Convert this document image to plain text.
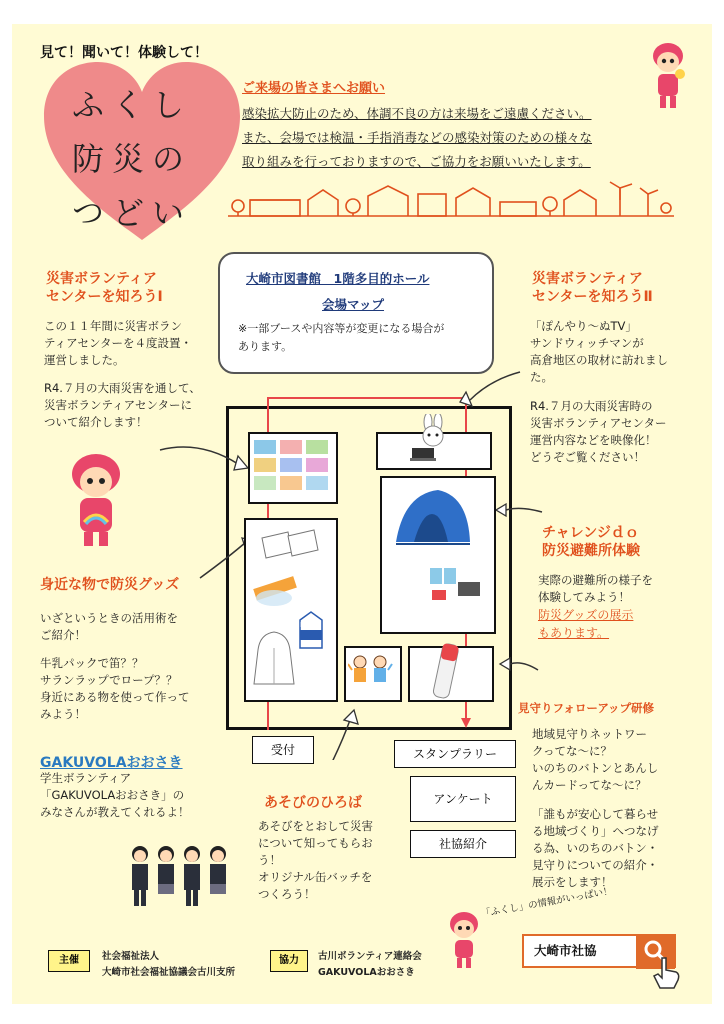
見て！聞いて！体験して！
ふくし
防災の
つどい
ご来場の皆さまへお願い
感染拡大防止のため、体調不良の方は来場をご遠慮ください。
また、会場では検温・手指消毒などの感染対策のための様々な
取り組みを行っておりますので、ご協力をお願いいたします。
大崎市図書館　1階多目的ホール
会場マップ
※一部ブースや内容等が変更になる場合が
あります。
災害ボランティア
センターを知ろうⅠ
この１１年間に災害ボラン
ティアセンターを４度設置・
運営しました。
R4.７月の大雨災害を通して、
災害ボランティアセンターに
ついて紹介します！
身近な物で防災グッズ
いざというときの活用術を
ご紹介！
牛乳パックで笛？？
サランラップでロープ？？
身近にある物を使って作って
みよう！
GAKUVOLAおおさき
学生ボランティア
「GAKUVOLAおおさき」の
みなさんが教えてくれるよ！
災害ボランティア
センターを知ろうⅡ
「ぽんやり～ぬTV」
サンドウィッチマンが
高倉地区の取材に訪れまし
た。
R4.７月の大雨災害時の
災害ボランティアセンター
運営内容などを映像化！
どうぞご覧ください！
チャレンジｄｏ
防災避難所体験
実際の避難所の様子を
体験してみよう！
防災グッズの展示
もあります。
見守りフォローアップ研修
地域見守りネットワー
クってな～に？
いのちのバトンとあんし
んカードってな～に？
「誰もが安心して暮らせ
る地域づくり」へつなげ
る為、いのちのバトン・
見守りについての紹介・
展示をします！
MILK
受付	スタンプラリー
アンケート
社協紹介
あそびのひろば
あそびをとおして災害
について知ってもらお
う！
オリジナル缶バッチを
つくろう！
主催	社会福祉法人
大崎市社会福祉協議会古川支所
協力	古川ボランティア連絡会
GAKUVOLAおおさき
「ふくし」の情報がいっぱい！
大崎市社協
